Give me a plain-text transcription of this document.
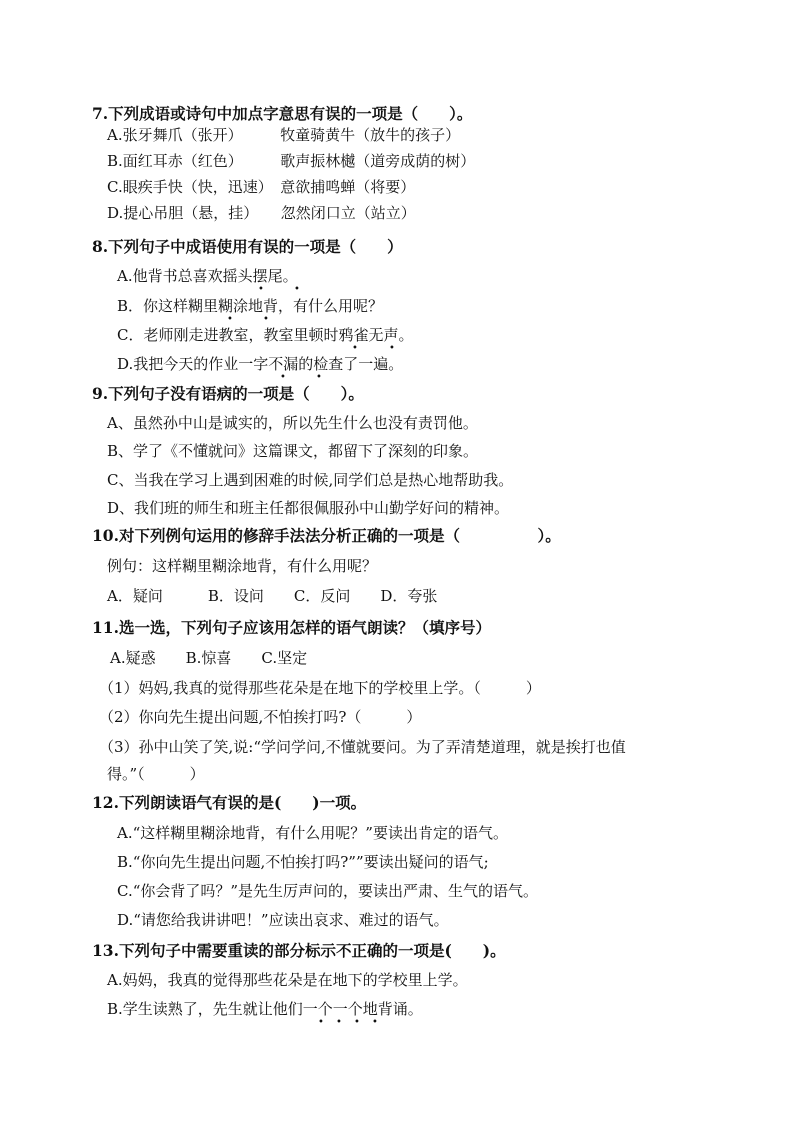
7.下列成语或诗句中加点字意思有误的一项是（　　）。
A.张牙舞爪（张开）　　　牧童骑黄牛（放牛的孩子）
B.面红耳赤（红色）　　　歌声振林樾（道旁成荫的树）
C.眼疾手快（快，迅速）　意欲捕鸣蝉（将要）
D.提心吊胆（悬，挂）　　忽然闭口立（站立）
8.下列句子中成语使用有误的一项是（　　）
A.他背书总喜欢摇头摆尾。
B．你这样糊里糊涂地背，有什么用呢？
C．老师刚走进教室，教室里顿时鸦雀无声。
D.我把今天的作业一字不漏的检查了一遍。
•	•
•	•
•	•
•	•
9.下列句子没有语病的一项是（　　）。
A、虽然孙中山是诚实的，所以先生什么也没有责罚他。
B、学了《不懂就问》这篇课文，都留下了深刻的印象。
C、当我在学习上遇到困难的时候,同学们总是热心地帮助我。
D、我们班的师生和班主任都很佩服孙中山勤学好问的精神。
10.对下列例句运用的修辞手法法分析正确的一项是（　　　　　）。
例句：这样糊里糊涂地背，有什么用呢？
A．疑问　　　B．设问　　C．反问　　D．夸张
11.选一选，下列句子应该用怎样的语气朗读？（填序号）
A.疑惑　　B.惊喜　　C.坚定
（1）妈妈,我真的觉得那些花朵是在地下的学校里上学。（　　　）
（2）你向先生提出问题,不怕挨打吗?（　　　）
（3）孙中山笑了笑,说:“学问学问,不懂就要问。为了弄清楚道理，就是挨打也值
得。”（　　　）
12.下列朗读语气有误的是(　　)一项。
A.“这样糊里糊涂地背，有什么用呢？”要读出肯定的语气。
B.“你向先生提出问题,不怕挨打吗?””要读出疑问的语气;
C.“你会背了吗？”是先生厉声问的，要读出严肃、生气的语气。
D.“请您给我讲讲吧！”应读出哀求、难过的语气。
13.下列句子中需要重读的部分标示不正确的一项是(　　)。
A.妈妈，我真的觉得那些花朵是在地下的学校里上学。
B.学生读熟了，先生就让他们一个一个地背诵。
• • • •
